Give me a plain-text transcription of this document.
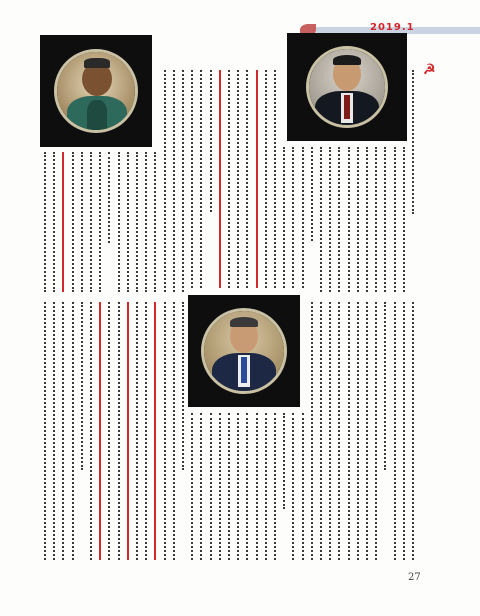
2019.1
☭
27
